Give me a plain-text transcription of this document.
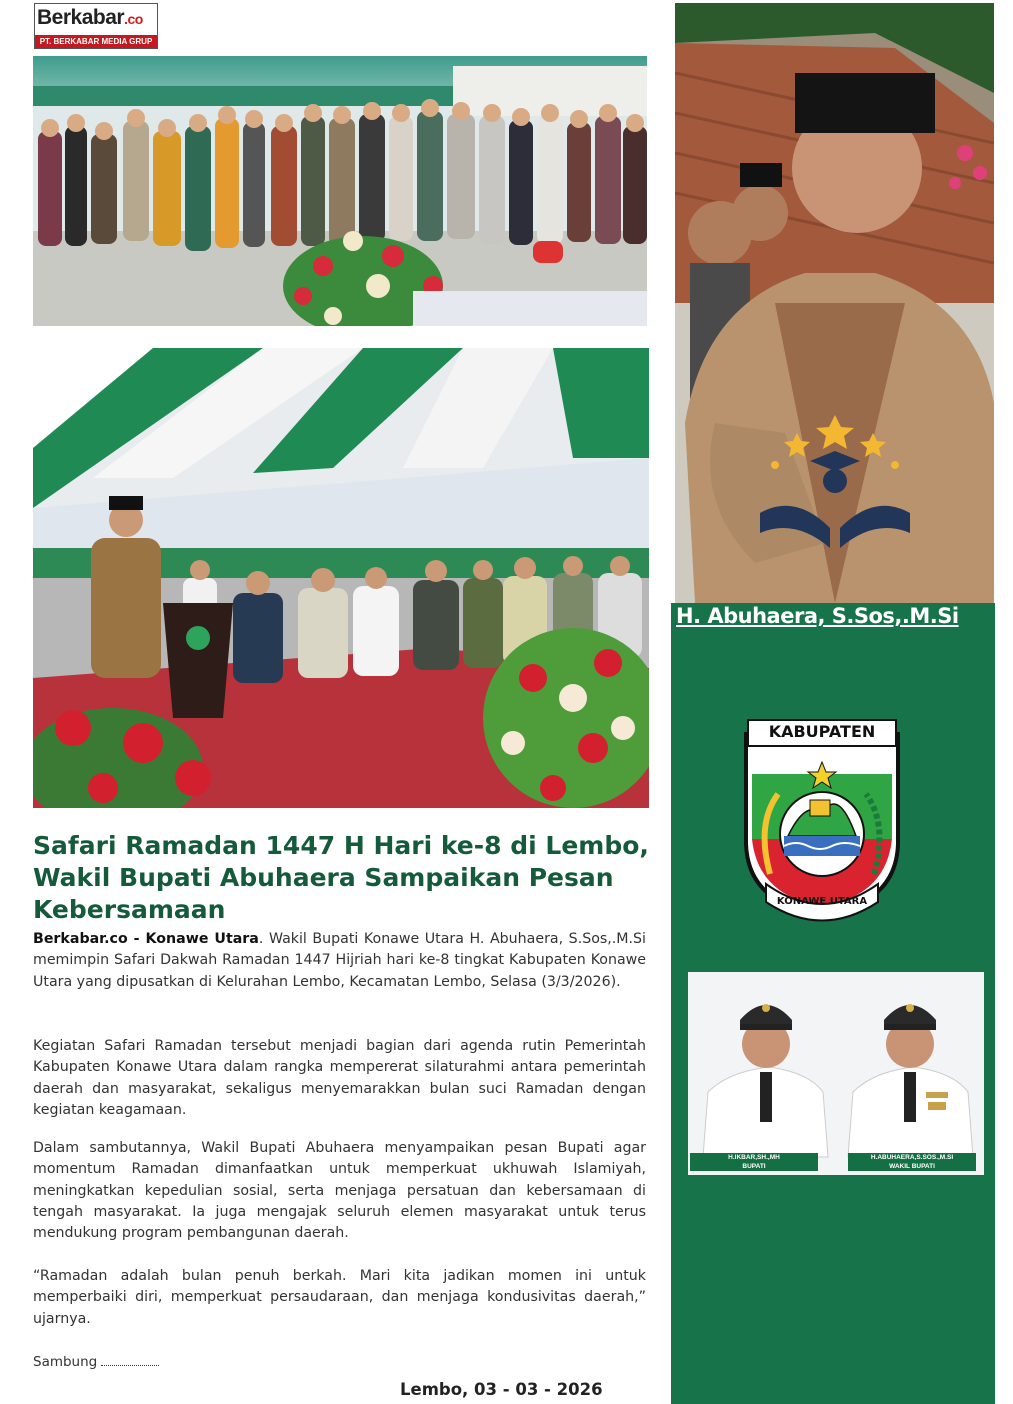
Berkabar.co
PT. BERKABAR MEDIA GRUP
Safari Ramadan 1447 H Hari ke-8 di Lembo, Wakil Bupati Abuhaera Sampaikan Pesan Kebersamaan

Berkabar.co - Konawe Utara. Wakil Bupati Konawe Utara H. Abuhaera, S.Sos,.M.Si memimpin Safari Dakwah Ramadan 1447 Hijriah hari ke-8 tingkat Kabupaten Konawe Utara yang dipusatkan di Kelurahan Lembo, Kecamatan Lembo, Selasa (3/3/2026).

Kegiatan Safari Ramadan tersebut menjadi bagian dari agenda rutin Pemerintah Kabupaten Konawe Utara dalam rangka mempererat silaturahmi antara pemerintah daerah dan masyarakat, sekaligus menyemarakkan bulan suci Ramadan dengan kegiatan keagamaan.

Dalam sambutannya, Wakil Bupati Abuhaera menyampaikan pesan Bupati agar momentum Ramadan dimanfaatkan untuk memperkuat ukhuwah Islamiyah, meningkatkan kepedulian sosial, serta menjaga persatuan dan kebersamaan di tengah masyarakat. Ia juga mengajak seluruh elemen masyarakat untuk terus mendukung program pembangunan daerah.

“Ramadan adalah bulan penuh berkah. Mari kita jadikan momen ini untuk memperbaiki diri, memperkuat persaudaraan, dan menjaga kondusivitas daerah,” ujarnya.

Sambung
Lembo, 03 - 03 - 2026
H. Abuhaera, S.Sos,.M.Si
KABUPATEN
KONAWE UTARA
H.IKBAR,SH.,MH
BUPATI
H.ABUHAERA,S.SOS.,M.SI
WAKIL BUPATI
